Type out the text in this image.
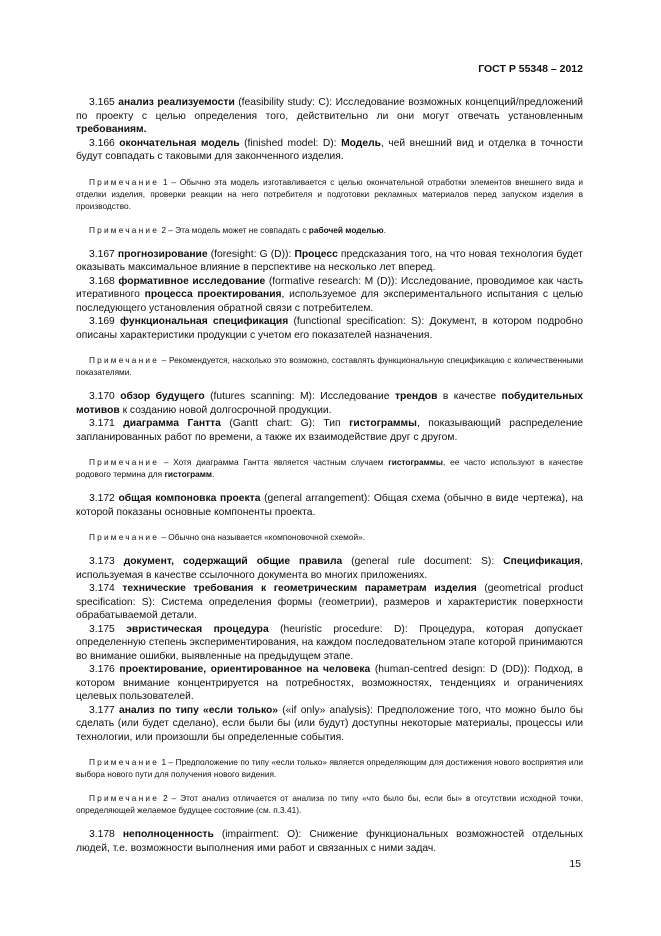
ГОСТ Р 55348 – 2012

3.165 анализ реализуемости (feasibility study: C): Исследование возможных концепций/предложений по проекту с целью определения того, действительно ли они могут отвечать установленным требованиям.

3.166 окончательная модель (finished model: D): Модель, чей внешний вид и отделка в точности будут совпадать с таковыми для законченного изделия.

Примечание 1 – Обычно эта модель изготавливается с целью окончательной отработки элементов внешнего вида и отделки изделия, проверки реакции на него потребителя и подготовки рекламных материалов перед запуском изделия в производство.

Примечание 2 – Эта модель может не совпадать с рабочей моделью.

3.167 прогнозирование (foresight: G (D)): Процесс предсказания того, на что новая технология будет оказывать максимальное влияние в перспективе на несколько лет вперед.

3.168 формативное исследование (formative research: M (D)): Исследование, проводимое как часть итеративного процесса проектирования, используемое для экспериментального испытания с целью последующего установления обратной связи с потребителем.

3.169 функциональная спецификация (functional specification: S): Документ, в котором подробно описаны характеристики продукции с учетом его показателей назначения.

Примечание – Рекомендуется, насколько это возможно, составлять функциональную спецификацию с количественными показателями.

3.170 обзор будущего (futures scanning: M): Исследование трендов в качестве побудительных мотивов к созданию новой долгосрочной продукции.

3.171 диаграмма Гантта (Gantt chart: G): Тип гистограммы, показывающий распределение запланированных работ по времени, а также их взаимодействие друг с другом.

Примечание – Хотя диаграмма Гантта является частным случаем гистограммы, ее часто используют в качестве родового термина для гистограмм.

3.172 общая компоновка проекта (general arrangement): Общая схема (обычно в виде чертежа), на которой показаны основные компоненты проекта.

Примечание – Обычно она называется «компоновочной схемой».

3.173 документ, содержащий общие правила (general rule document: S): Спецификация, используемая в качестве ссылочного документа во многих приложениях.

3.174 технические требования к геометрическим параметрам изделия (geometrical product specification: S): Система определения формы (геометрии), размеров и характеристик поверхности обрабатываемой детали.

3.175 эвристическая процедура (heuristic procedure: D): Процедура, которая допускает определенную степень экспериментирования, на каждом последовательном этапе которой принимаются во внимание ошибки, выявленные на предыдущем этапе.

3.176 проектирование, ориентированное на человека (human-centred design: D (DD)): Подход, в котором внимание концентрируется на потребностях, возможностях, тенденциях и ограничениях целевых пользователей.

3.177 анализ по типу «если только» («if only» analysis): Предположение того, что можно было бы сделать (или будет сделано), если были бы (или будут) доступны некоторые материалы, процессы или технологии, или произошли бы определенные события.

Примечание 1 – Предположение по типу «если только» является определяющим для достижения нового восприятия или выбора нового пути для получения нового видения.

Примечание 2 – Этот анализ отличается от анализа по типу «что было бы, если бы» в отсутствии исходной точки, определяющей желаемое будущее состояние (см. п.3.41).

3.178 неполноценность (impairment: O): Снижение функциональных возможностей отдельных людей, т.е. возможности выполнения ими работ и связанных с ними задач.

15
